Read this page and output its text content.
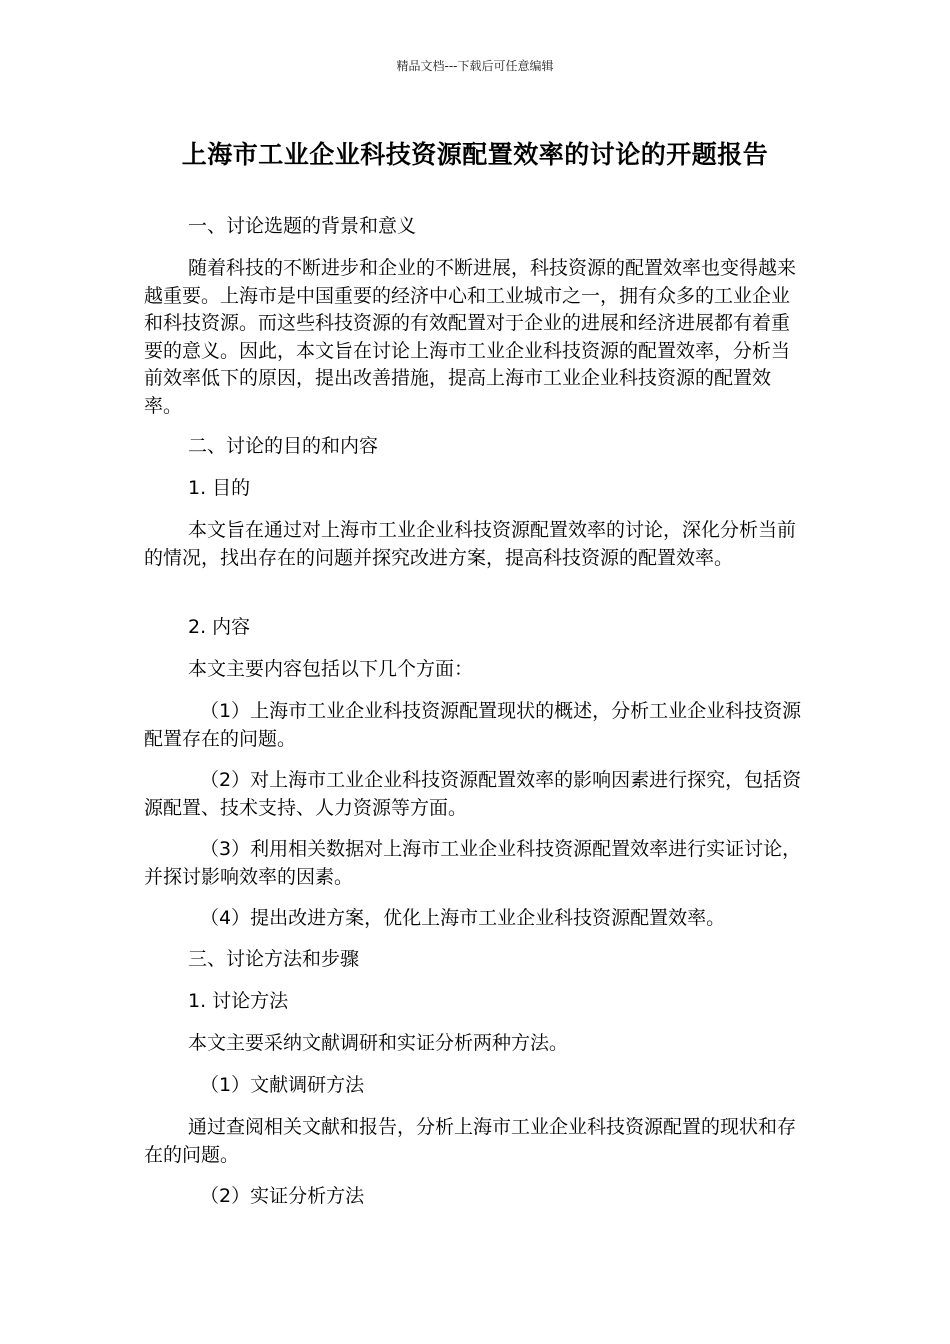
精品文档---下载后可任意编辑
上海市工业企业科技资源配置效率的讨论的开题报告

一、讨论选题的背景和意义

随着科技的不断进步和企业的不断进展，科技资源的配置效率也变得越来越重要。上海市是中国重要的经济中心和工业城市之一，拥有众多的工业企业和科技资源。而这些科技资源的有效配置对于企业的进展和经济进展都有着重要的意义。因此，本文旨在讨论上海市工业企业科技资源的配置效率，分析当前效率低下的原因，提出改善措施，提高上海市工业企业科技资源的配置效率。

二、讨论的目的和内容

1. 目的

本文旨在通过对上海市工业企业科技资源配置效率的讨论，深化分析当前的情况，找出存在的问题并探究改进方案，提高科技资源的配置效率。

2. 内容

本文主要内容包括以下几个方面：

（1）上海市工业企业科技资源配置现状的概述，分析工业企业科技资源配置存在的问题。

（2）对上海市工业企业科技资源配置效率的影响因素进行探究，包括资源配置、技术支持、人力资源等方面。

（3）利用相关数据对上海市工业企业科技资源配置效率进行实证讨论，并探讨影响效率的因素。

（4）提出改进方案，优化上海市工业企业科技资源配置效率。

三、讨论方法和步骤

1. 讨论方法

本文主要采纳文献调研和实证分析两种方法。

（1）文献调研方法

通过查阅相关文献和报告，分析上海市工业企业科技资源配置的现状和存在的问题。

（2）实证分析方法
